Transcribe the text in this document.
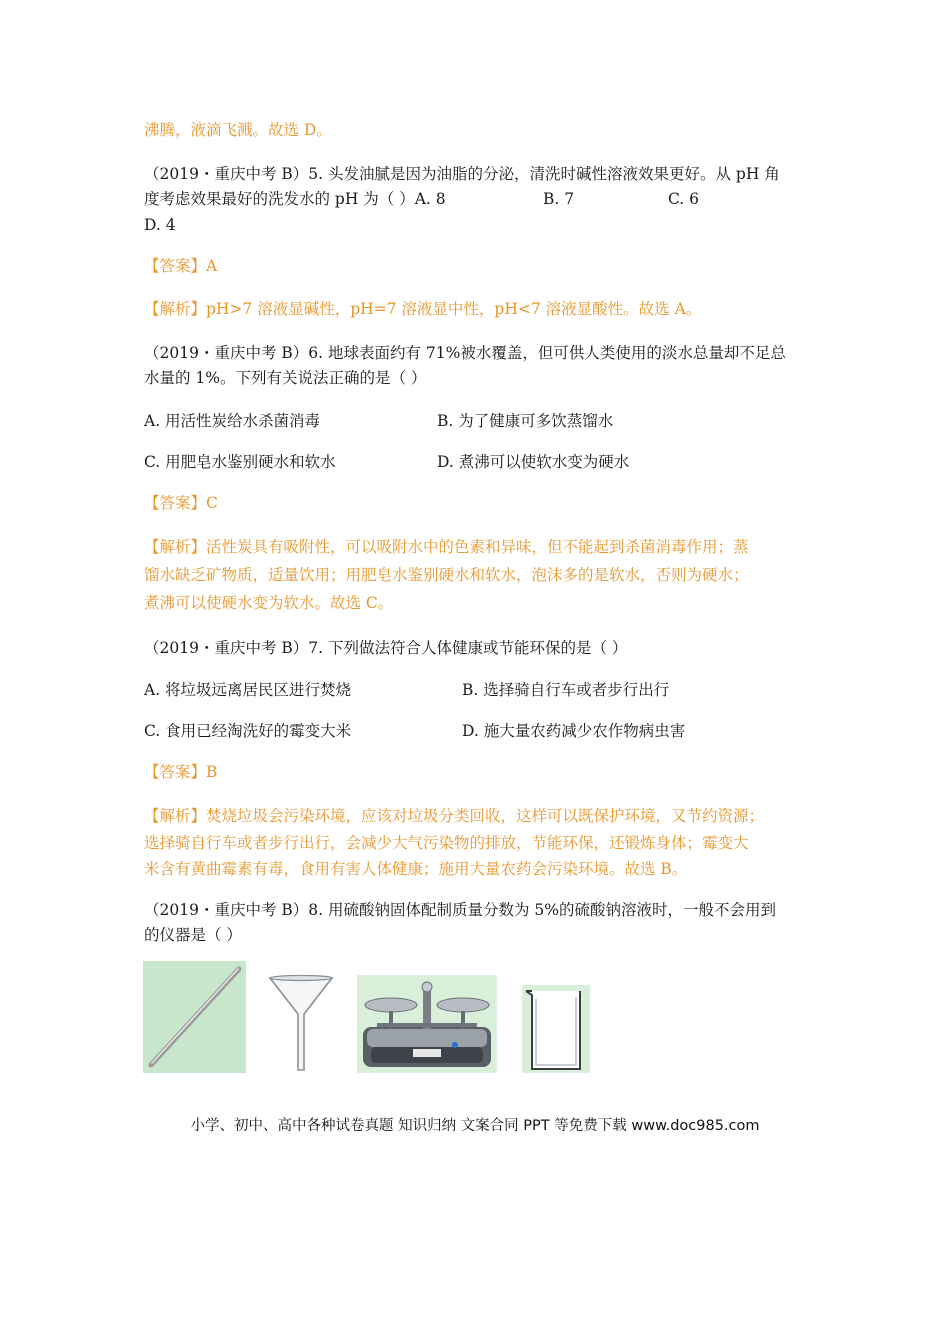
沸腾，液滴飞溅。故选 D。
（2019・重庆中考 B）5. 头发油腻是因为油脂的分泌，清洗时碱性溶液效果更好。从 pH 角
度考虑效果最好的洗发水的 pH 为（ ）A. 8	B. 7	C. 6
D. 4
【答案】A
【解析】pH>7 溶液显碱性，pH=7 溶液显中性，pH<7 溶液显酸性。故选 A。
（2019・重庆中考 B）6. 地球表面约有 71%被水覆盖，但可供人类使用的淡水总量却不足总
水量的 1%。下列有关说法正确的是（ ）
A. 用活性炭给水杀菌消毒	B. 为了健康可多饮蒸馏水
C. 用肥皂水鉴别硬水和软水	D. 煮沸可以使软水变为硬水
【答案】C
【解析】活性炭具有吸附性，可以吸附水中的色素和异味，但不能起到杀菌消毒作用；蒸
馏水缺乏矿物质，适量饮用；用肥皂水鉴别硬水和软水，泡沫多的是软水，否则为硬水；
煮沸可以使硬水变为软水。故选 C。
（2019・重庆中考 B）7. 下列做法符合人体健康或节能环保的是（ ）
A. 将垃圾远离居民区进行焚烧	B. 选择骑自行车或者步行出行
C. 食用已经淘洗好的霉变大米	D. 施大量农药减少农作物病虫害
【答案】B
【解析】焚烧垃圾会污染环境，应该对垃圾分类回收，这样可以既保护环境，又节约资源；
选择骑自行车或者步行出行，会减少大气污染物的排放，节能环保，还锻炼身体；霉变大
米含有黄曲霉素有毒，食用有害人体健康；施用大量农药会污染环境。故选 B。
（2019・重庆中考 B）8. 用硫酸钠固体配制质量分数为 5%的硫酸钠溶液时，一般不会用到
的仪器是（ ）
小学、初中、高中各种试卷真题 知识归纳 文案合同 PPT 等免费下载 www.doc985.com
